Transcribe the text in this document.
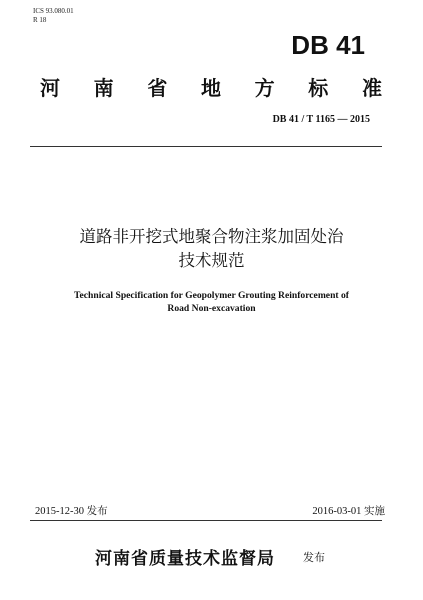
ICS 93.080.01
R 18
DB 41
河 南 省 地 方 标 准
DB 41 / T 1165 — 2015
道路非开挖式地聚合物注浆加固处治
技术规范
Technical Specification for Geopolymer Grouting Reinforcement of
Road Non-excavation
2015-12-30 发布	2016-03-01 实施
河南省质量技术监督局	发布
